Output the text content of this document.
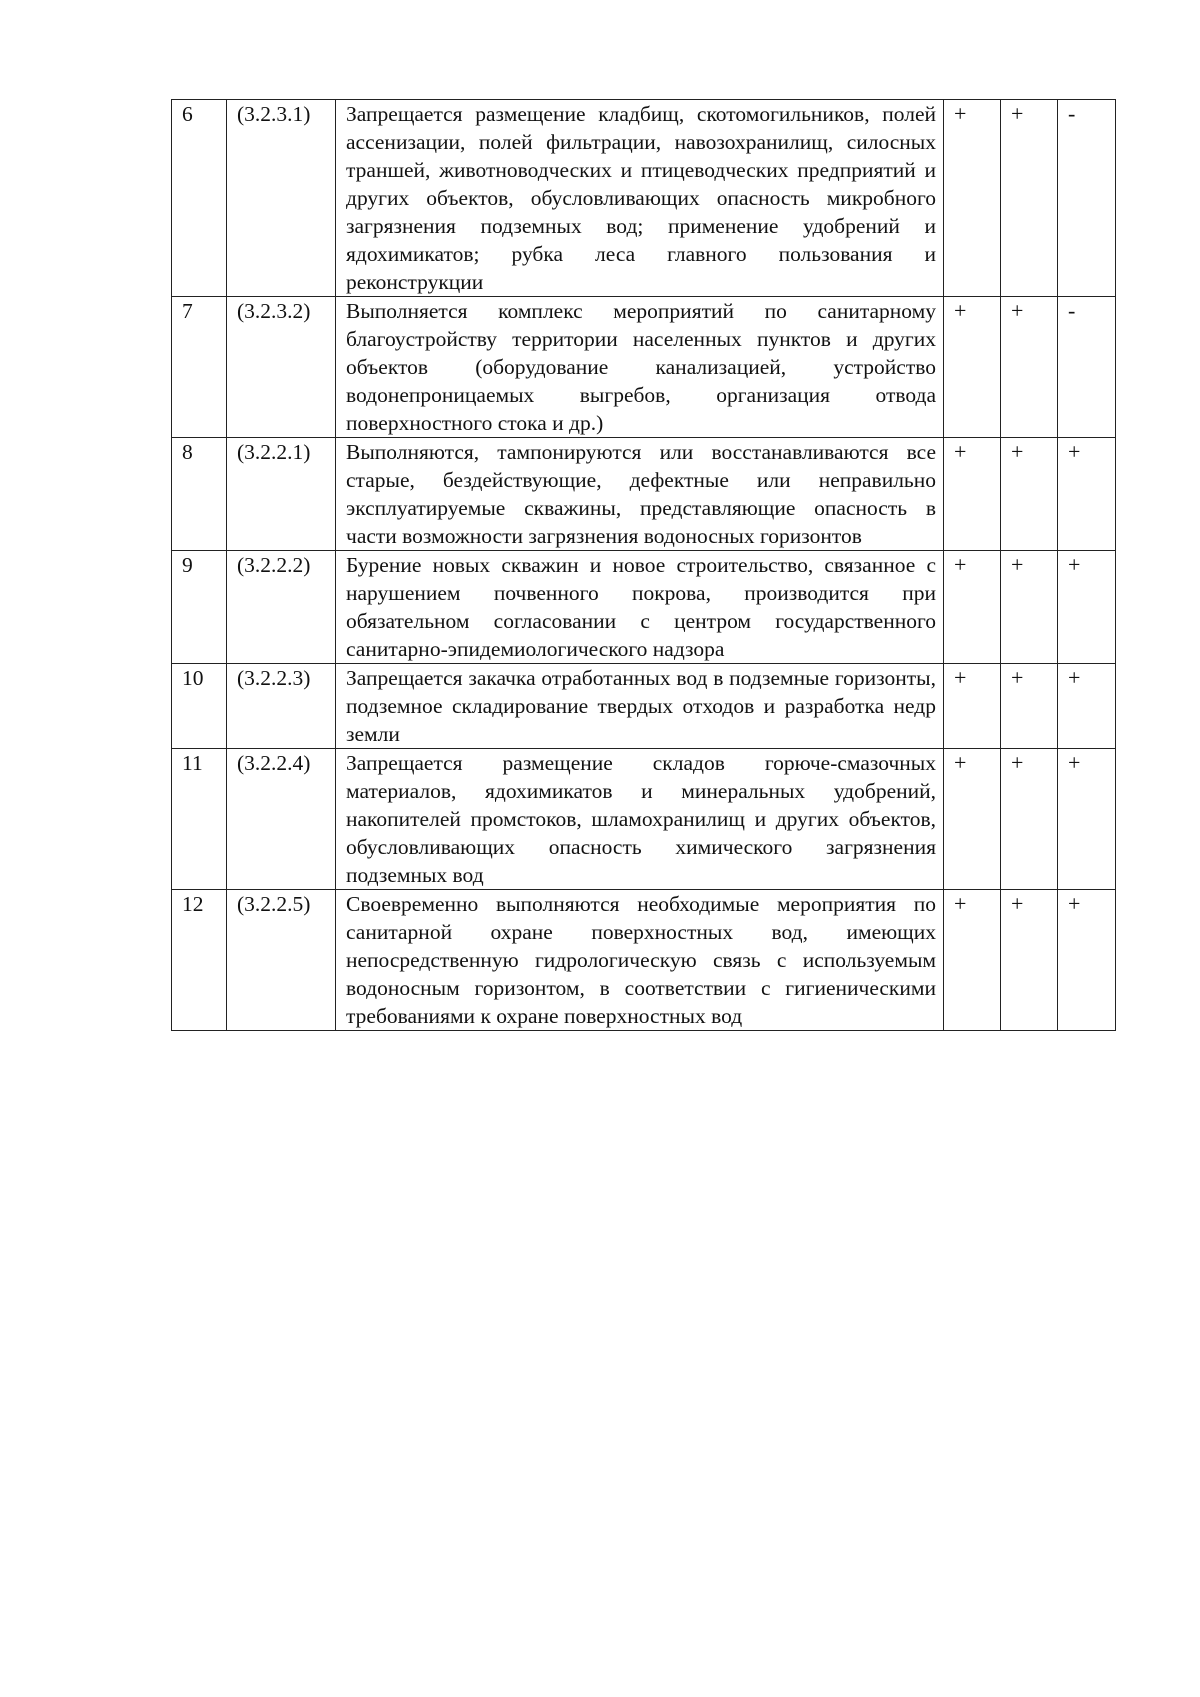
6	(3.2.3.1)	Запрещается размещение кладбищ, скотомогильников, полей ассенизации, полей фильтрации, навозохранилищ, силосных траншей, животноводческих и птицеводческих предприятий и других объектов, обусловливающих опасность микробного загрязнения подземных вод; применение удобрений и ядохимикатов; рубка леса главного пользования и реконструкции	+	+	-
7	(3.2.3.2)	Выполняется комплекс мероприятий по санитарному благоустройству территории населенных пунктов и других объектов (оборудование канализацией, устройство водонепроницаемых выгребов, организация отвода поверхностного стока и др.)	+	+	-
8	(3.2.2.1)	Выполняются, тампонируются или восстанавливаются все старые, бездействующие, дефектные или неправильно эксплуатируемые скважины, представляющие опасность в части возможности загрязнения водоносных горизонтов	+	+	+
9	(3.2.2.2)	Бурение новых скважин и новое строительство, связанное с нарушением почвенного покрова, производится при обязательном согласовании с центром государственного санитарно-эпидемиологического надзора	+	+	+
10	(3.2.2.3)	Запрещается закачка отработанных вод в подземные горизонты, подземное складирование твердых отходов и разработка недр земли	+	+	+
11	(3.2.2.4)	Запрещается размещение складов горюче-смазочных материалов, ядохимикатов и минеральных удобрений, накопителей промстоков, шламохранилищ и других объектов, обусловливающих опасность химического загрязнения подземных вод	+	+	+
12	(3.2.2.5)	Своевременно выполняются необходимые мероприятия по санитарной охране поверхностных вод, имеющих непосредственную гидрологическую связь с используемым водоносным горизонтом, в соответствии с гигиеническими требованиями к охране поверхностных вод	+	+	+
